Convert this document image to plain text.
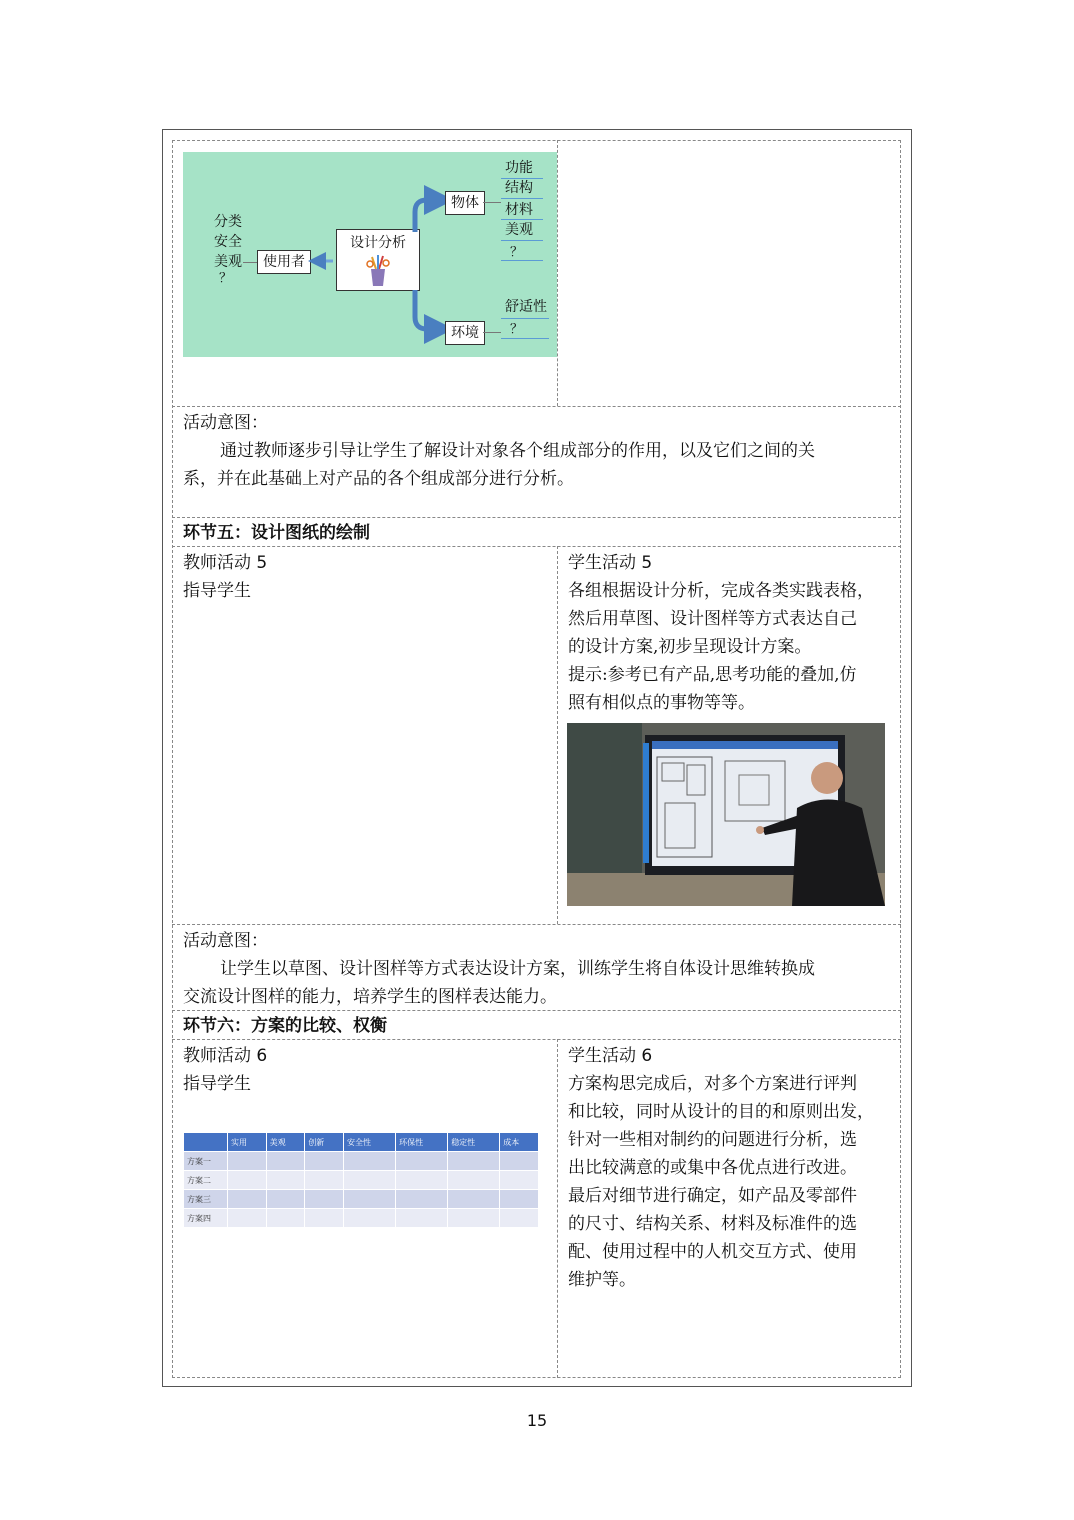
分类
安全
美观
？
使用者
设计分析
物体
环境
功能
结构
材料
美观
？
舒适性
？
活动意图：
通过教师逐步引导让学生了解设计对象各个组成部分的作用，以及它们之间的关
系，并在此基础上对产品的各个组成部分进行分析。
环节五：设计图纸的绘制
教师活动 5
指导学生
学生活动 5
各组根据设计分析，完成各类实践表格，
然后用草图、设计图样等方式表达自己
的设计方案,初步呈现设计方案。
提示:参考已有产品,思考功能的叠加,仿
照有相似点的事物等等。
活动意图：
让学生以草图、设计图样等方式表达设计方案，训练学生将自体设计思维转换成
交流设计图样的能力，培养学生的图样表达能力。
环节六：方案的比较、权衡
教师活动 6
指导学生
学生活动 6
方案构思完成后，对多个方案进行评判
和比较，同时从设计的目的和原则出发，
针对一些相对制约的问题进行分析，选
出比较满意的或集中各优点进行改进。
最后对细节进行确定，如产品及零部件
的尺寸、结构关系、材料及标准件的选
配、使用过程中的人机交互方式、使用
维护等。
	实用	美观	创新	安全性	环保性	稳定性	成本
方案一							
方案二							
方案三							
方案四							
15
